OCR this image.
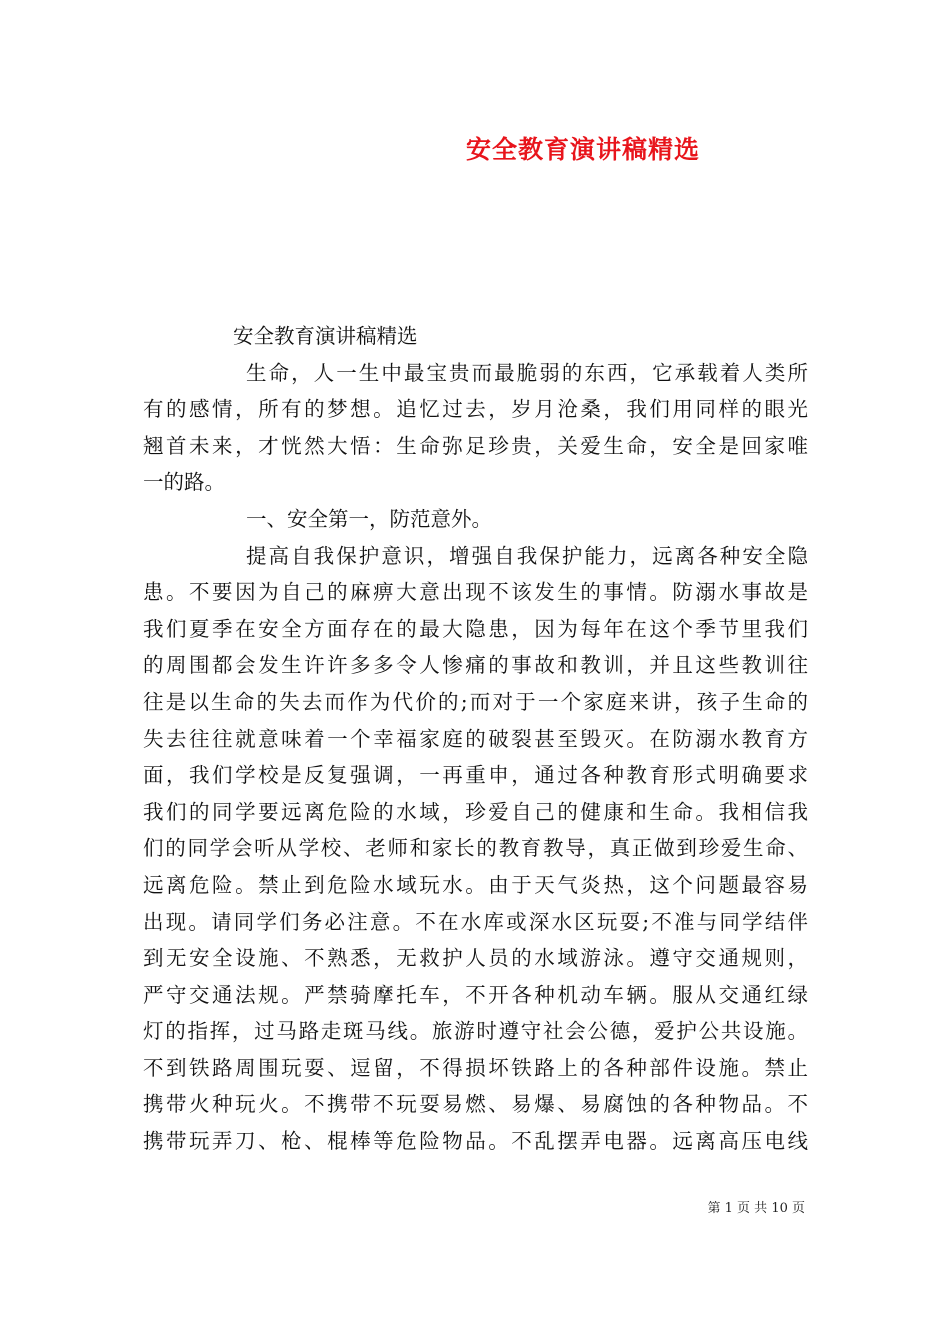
安全教育演讲稿精选
安全教育演讲稿精选
生命，人一生中最宝贵而最脆弱的东西，它承载着人类所
有的感情，所有的梦想。追忆过去，岁月沧桑，我们用同样的眼光
翘首未来，才恍然大悟：生命弥足珍贵，关爱生命，安全是回家唯
一的路。
一、安全第一，防范意外。
提高自我保护意识，增强自我保护能力，远离各种安全隐
患。不要因为自己的麻痹大意出现不该发生的事情。防溺水事故是
我们夏季在安全方面存在的最大隐患，因为每年在这个季节里我们
的周围都会发生许许多多令人惨痛的事故和教训，并且这些教训往
往是以生命的失去而作为代价的;而对于一个家庭来讲，孩子生命的
失去往往就意味着一个幸福家庭的破裂甚至毁灭。在防溺水教育方
面，我们学校是反复强调，一再重申，通过各种教育形式明确要求
我们的同学要远离危险的水域，珍爱自己的健康和生命。我相信我
们的同学会听从学校、老师和家长的教育教导，真正做到珍爱生命、
远离危险。禁止到危险水域玩水。由于天气炎热，这个问题最容易
出现。请同学们务必注意。不在水库或深水区玩耍;不准与同学结伴
到无安全设施、不熟悉，无救护人员的水域游泳。遵守交通规则，
严守交通法规。严禁骑摩托车，不开各种机动车辆。服从交通红绿
灯的指挥，过马路走斑马线。旅游时遵守社会公德，爱护公共设施。
不到铁路周围玩耍、逗留，不得损坏铁路上的各种部件设施。禁止
携带火种玩火。不携带不玩耍易燃、易爆、易腐蚀的各种物品。不
携带玩弄刀、枪、棍棒等危险物品。不乱摆弄电器。远离高压电线
第 1 页 共 10 页
